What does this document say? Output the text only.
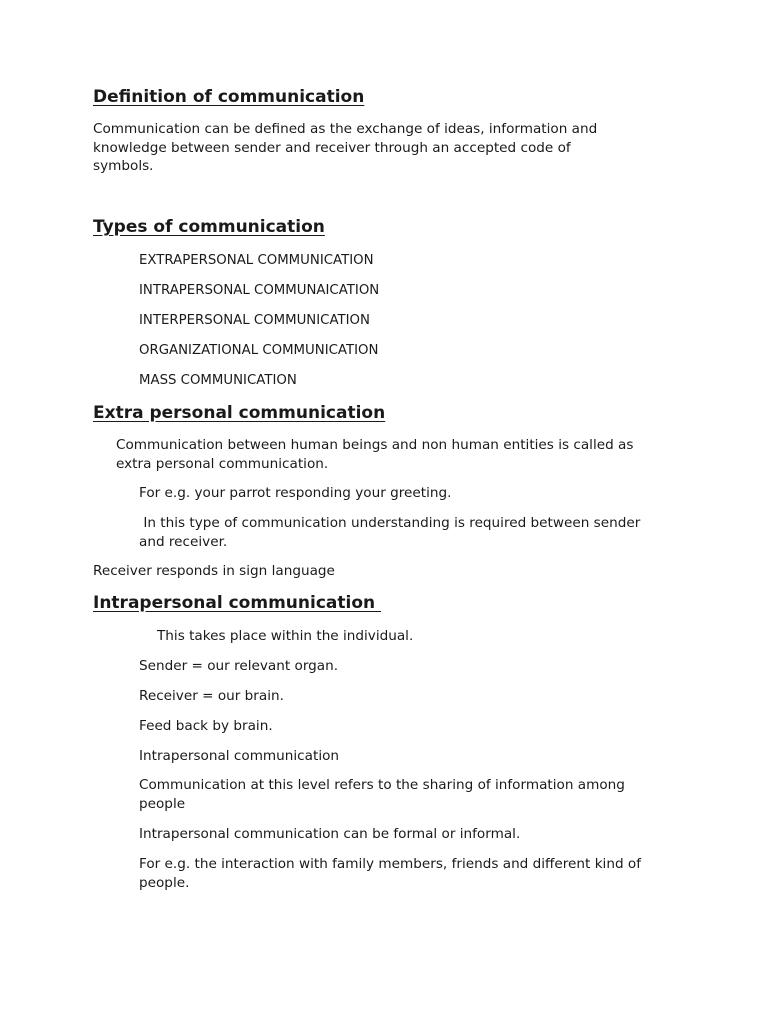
Definition of communication

Communication can be defined as the exchange of ideas, information and knowledge between sender and receiver through an accepted code of symbols.

Types of communication

EXTRAPERSONAL COMMUNICATION

INTRAPERSONAL COMMUNAICATION

INTERPERSONAL COMMUNICATION

ORGANIZATIONAL COMMUNICATION

MASS COMMUNICATION

Extra personal communication

Communication between human beings and non human entities is called as extra personal communication.

For e.g. your parrot responding your greeting.

In this type of communication understanding is required between sender and receiver.

Receiver responds in sign language

Intrapersonal communication

This takes place within the individual.

Sender = our relevant organ.

Receiver = our brain.

Feed back by brain.

Intrapersonal communication

Communication at this level refers to the sharing of information among people

Intrapersonal communication can be formal or informal.

For e.g. the interaction with family members, friends and different kind of people.
